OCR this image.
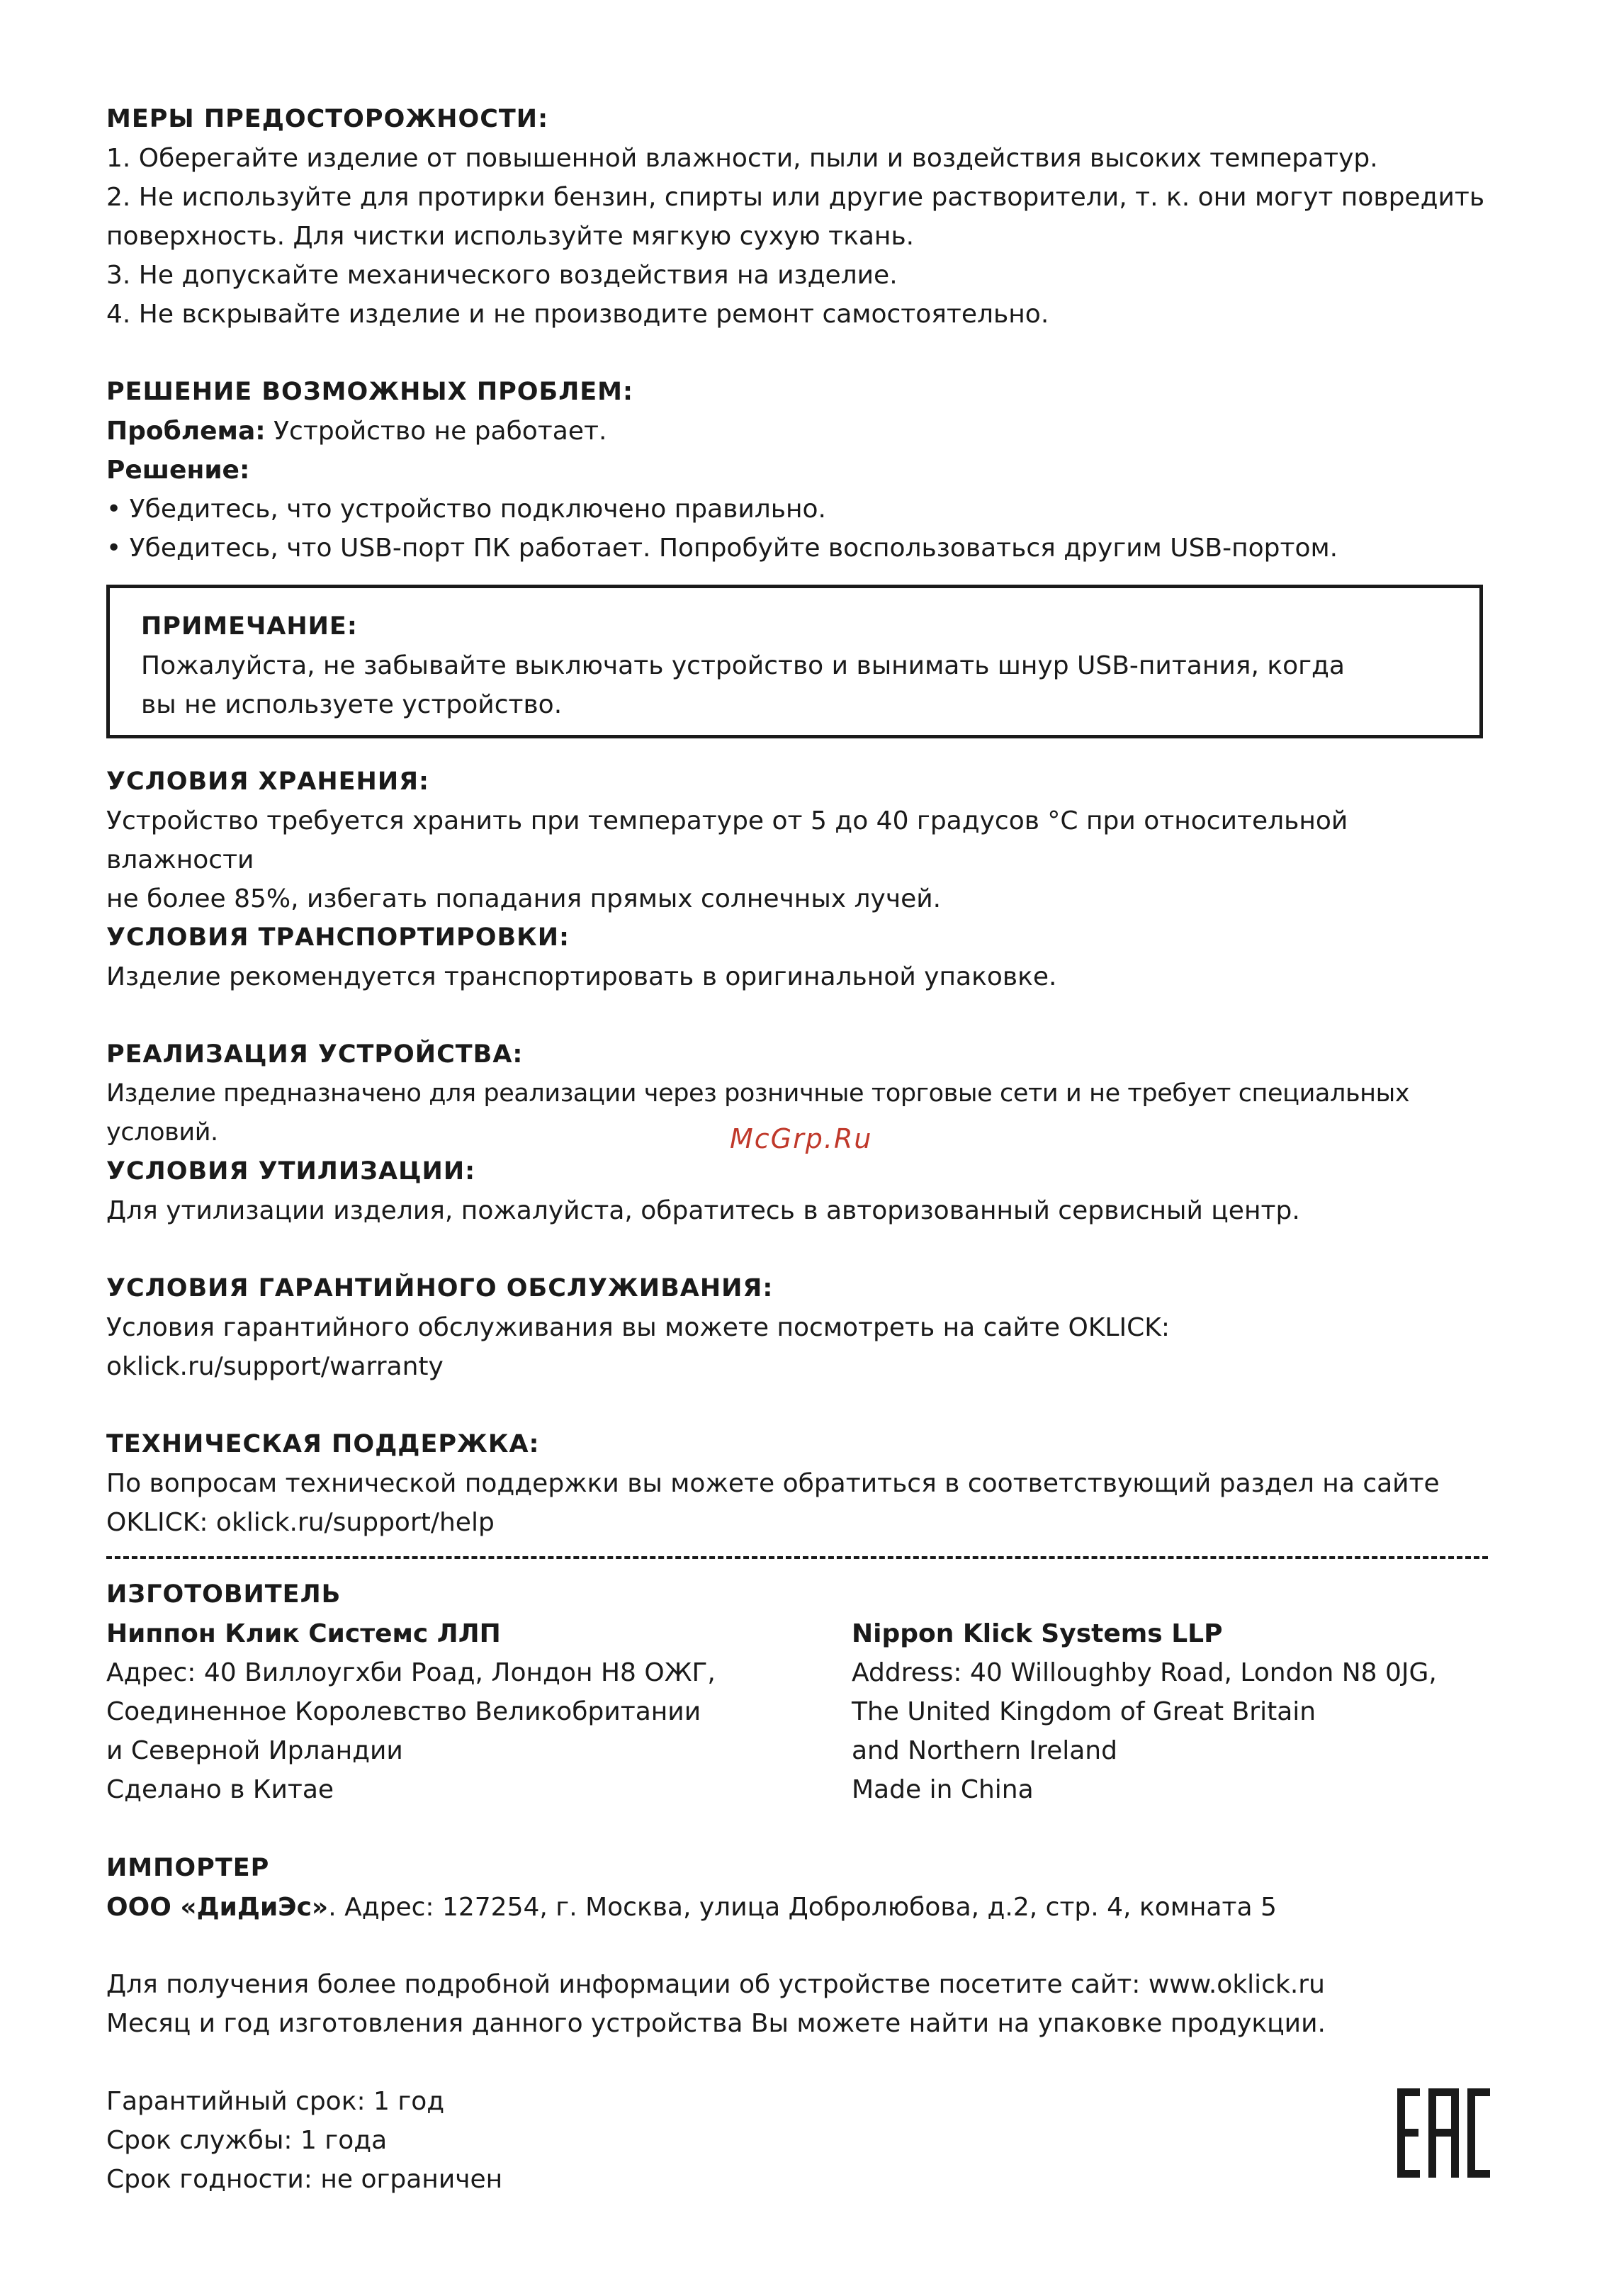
МЕРЫ ПРЕДОСТОРОЖНОСТИ:

1. Оберегайте изделие от повышенной влажности, пыли и воздействия высоких температур.

2. Не используйте для протирки бензин, спирты или другие растворители, т. к. они могут повредить

поверхность. Для чистки используйте мягкую сухую ткань.

3. Не допускайте механического воздействия на изделие.

4. Не вскрывайте изделие и не производите ремонт самостоятельно.

РЕШЕНИЕ ВОЗМОЖНЫХ ПРОБЛЕМ:

Проблема: Устройство не работает.

Решение:

• Убедитесь, что устройство подключено правильно.

• Убедитесь, что USB-порт ПК работает. Попробуйте воспользоваться другим USB-портом.

ПРИМЕЧАНИЕ:

Пожалуйста, не забывайте выключать устройство и вынимать шнур USB-питания, когда

вы не используете устройство.

УСЛОВИЯ ХРАНЕНИЯ:

Устройство требуется хранить при температуре от 5 до 40 градусов °С при относительной влажности

не более 85%, избегать попадания прямых солнечных лучей.

УСЛОВИЯ ТРАНСПОРТИРОВКИ:

Изделие рекомендуется транспортировать в оригинальной упаковке.

РЕАЛИЗАЦИЯ УСТРОЙСТВА:

Изделие предназначено для реализации через розничные торговые сети и не требует специальных условий.	McGrp.Ru

УСЛОВИЯ УТИЛИЗАЦИИ:

Для утилизации изделия, пожалуйста, обратитесь в авторизованный сервисный центр.

УСЛОВИЯ ГАРАНТИЙНОГО ОБСЛУЖИВАНИЯ:

Условия гарантийного обслуживания вы можете посмотреть на сайте OKLICK:

oklick.ru/support/warranty

ТЕХНИЧЕСКАЯ ПОДДЕРЖКА:

По вопросам технической поддержки вы можете обратиться в соответствующий раздел на сайте

OKLICK: oklick.ru/support/help

ИЗГОТОВИТЕЛЬ

Ниппон Клик Системс ЛЛП

Адрес: 40 Виллоугхби Роад, Лондон Н8 ОЖГ,

Соединенное Королевство Великобритании

и Северной Ирландии

Сделано в Китае

Nippon Klick Systems LLP

Address: 40 Willoughby Road, London N8 0JG,

The United Kingdom of Great Britain

and Northern Ireland

Made in China

ИМПОРТЕР

ООО «ДиДиЭс». Адрес: 127254, г. Москва, улица Добролюбова, д.2, стр. 4, комната 5

Для получения более подробной информации об устройстве посетите сайт: www.oklick.ru

Месяц и год изготовления данного устройства Вы можете найти на упаковке продукции.

Гарантийный срок: 1 год

Срок службы: 1 года

Срок годности: не ограничен

EAC
